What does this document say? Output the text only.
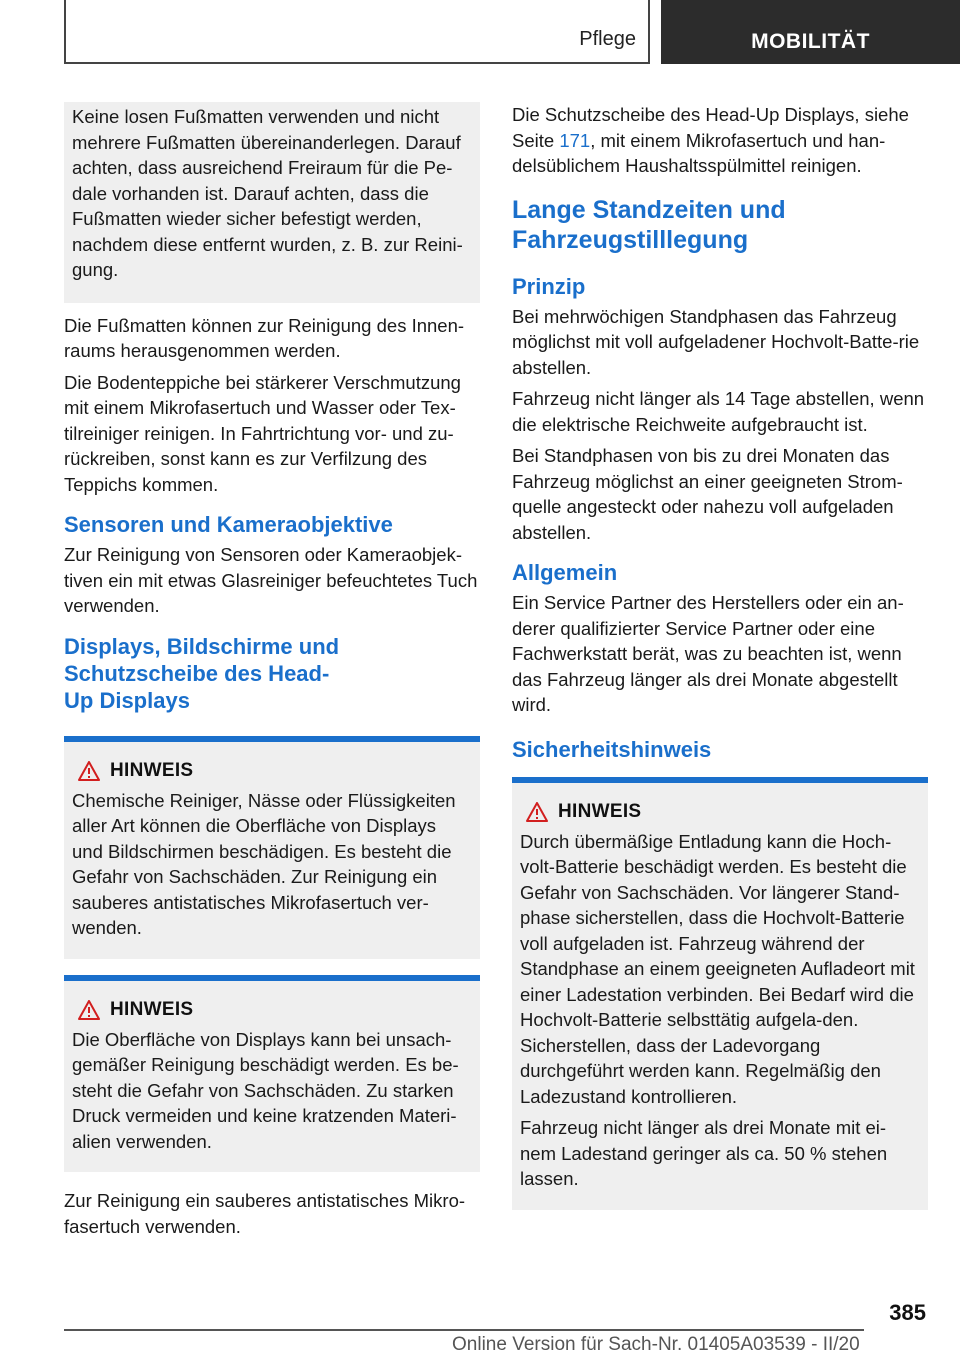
Pflege	MOBILITÄT

Keine losen Fußmatten verwenden und nicht mehrere Fußmatten übereinanderlegen. Darauf achten, dass ausreichend Freiraum für die Pe‐dale vorhanden ist. Darauf achten, dass die Fußmatten wieder sicher befestigt werden, nachdem diese entfernt wurden, z. B. zur Reini‐gung.

Die Fußmatten können zur Reinigung des Innen‐raums herausgenommen werden.

Die Bodenteppiche bei stärkerer Verschmutzung mit einem Mikrofasertuch und Wasser oder Tex‐tilreiniger reinigen. In Fahrtrichtung vor- und zu‐rückreiben, sonst kann es zur Verfilzung des Teppichs kommen.

Sensoren und Kameraobjektive

Zur Reinigung von Sensoren oder Kameraobjek‐tiven ein mit etwas Glasreiniger befeuchtetes Tuch verwenden.

Displays, Bildschirme und
Schutzscheibe des Head-
Up Displays
HINWEIS

Chemische Reiniger, Nässe oder Flüssigkeiten aller Art können die Oberfläche von Displays und Bildschirmen beschädigen. Es besteht die Gefahr von Sachschäden. Zur Reinigung ein sauberes antistatisches Mikrofasertuch ver‐wenden.

HINWEIS

Die Oberfläche von Displays kann bei unsach‐gemäßer Reinigung beschädigt werden. Es be‐steht die Gefahr von Sachschäden. Zu starken Druck vermeiden und keine kratzenden Materi‐alien verwenden.

Zur Reinigung ein sauberes antistatisches Mikro‐fasertuch verwenden.

Die Schutzscheibe des Head-Up Displays, siehe Seite 171, mit einem Mikrofasertuch und han‐delsüblichem Haushaltsspülmittel reinigen.

Lange Standzeiten und
Fahrzeugstilllegung
Prinzip

Bei mehrwöchigen Standphasen das Fahrzeug möglichst mit voll aufgeladener Hochvolt-Batte‐rie abstellen.

Fahrzeug nicht länger als 14 Tage abstellen, wenn die elektrische Reichweite aufgebraucht ist.

Bei Standphasen von bis zu drei Monaten das Fahrzeug möglichst an einer geeigneten Strom‐quelle angesteckt oder nahezu voll aufgeladen abstellen.

Allgemein

Ein Service Partner des Herstellers oder ein an‐derer qualifizierter Service Partner oder eine Fachwerkstatt berät, was zu beachten ist, wenn das Fahrzeug länger als drei Monate abgestellt wird.

Sicherheitshinweis
HINWEIS

Durch übermäßige Entladung kann die Hoch‐volt-Batterie beschädigt werden. Es besteht die Gefahr von Sachschäden. Vor längerer Stand‐phase sicherstellen, dass die Hochvolt-Batterie voll aufgeladen ist. Fahrzeug während der Standphase an einem geeigneten Aufladeort mit einer Ladestation verbinden. Bei Bedarf wird die Hochvolt-Batterie selbsttätig aufgela‐den. Sicherstellen, dass der Ladevorgang durchgeführt werden kann. Regelmäßig den Ladezustand kontrollieren.

Fahrzeug nicht länger als drei Monate mit ei‐nem Ladestand geringer als ca. 50 % stehen lassen.

385
Online Version für Sach-Nr. 01405A03539 - II/20
